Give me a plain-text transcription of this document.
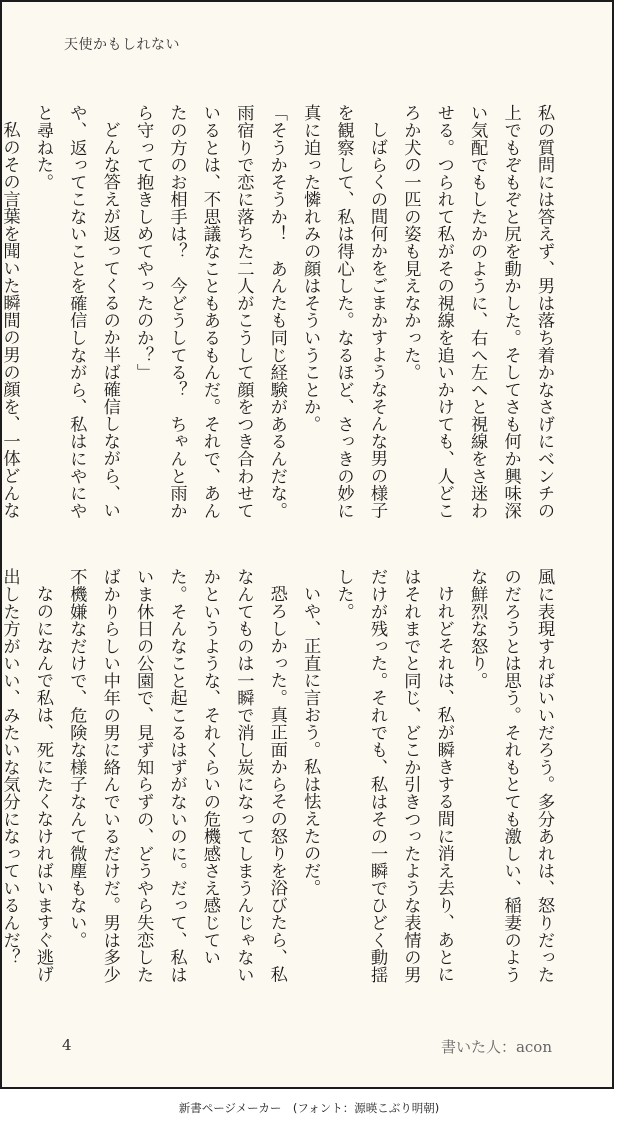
天使かもしれない

私の質問には答えず、男は落ち着かなさげにベンチの上でもぞもぞと尻を動かした。そしてさも何か興味深い気配でもしたかのように、右へ左へと視線をさ迷わせる。つられて私がその視線を追いかけても、人どころか犬の一匹の姿も見えなかった。

しばらくの間何かをごまかすようなそんな男の様子を観察して、私は得心した。なるほど、さっきの妙に真に迫った憐れみの顔はそういうことか。

「そうかそうか！　あんたも同じ経験があるんだな。雨宿りで恋に落ちた二人がこうして顔をつき合わせているとは、不思議なこともあるもんだ。それで、あんたの方のお相手は？　今どうしてる？　ちゃんと雨から守って抱きしめてやったのか？」

どんな答えが返ってくるのか半ば確信しながら、いや、返ってこないことを確信しながら、私はにやにやと尋ねた。

私のその言葉を聞いた瞬間の男の顔を、一体どんな

風に表現すればいいだろう。多分あれは、怒りだったのだろうとは思う。それもとても激しい、稲妻のような鮮烈な怒り。

けれどそれは、私が瞬きする間に消え去り、あとにはそれまでと同じ、どこか引きつったような表情の男だけが残った。それでも、私はその一瞬でひどく動揺した。

いや、正直に言おう。私は怯えたのだ。

恐ろしかった。真正面からその怒りを浴びたら、私なんてものは一瞬で消し炭になってしまうんじゃないかというような、それくらいの危機感さえ感じていた。そんなこと起こるはずがないのに。だって、私はいま休日の公園で、見ず知らずの、どうやら失恋したばかりらしい中年の男に絡んでいるだけだ。男は多少不機嫌なだけで、危険な様子なんて微塵もない。

なのになんで私は、死にたくなければいますぐ逃げ出した方がいい、みたいな気分になっているんだ？

4	書いた人：acon
新書ページメーカー　(フォント：源暎こぶり明朝)
